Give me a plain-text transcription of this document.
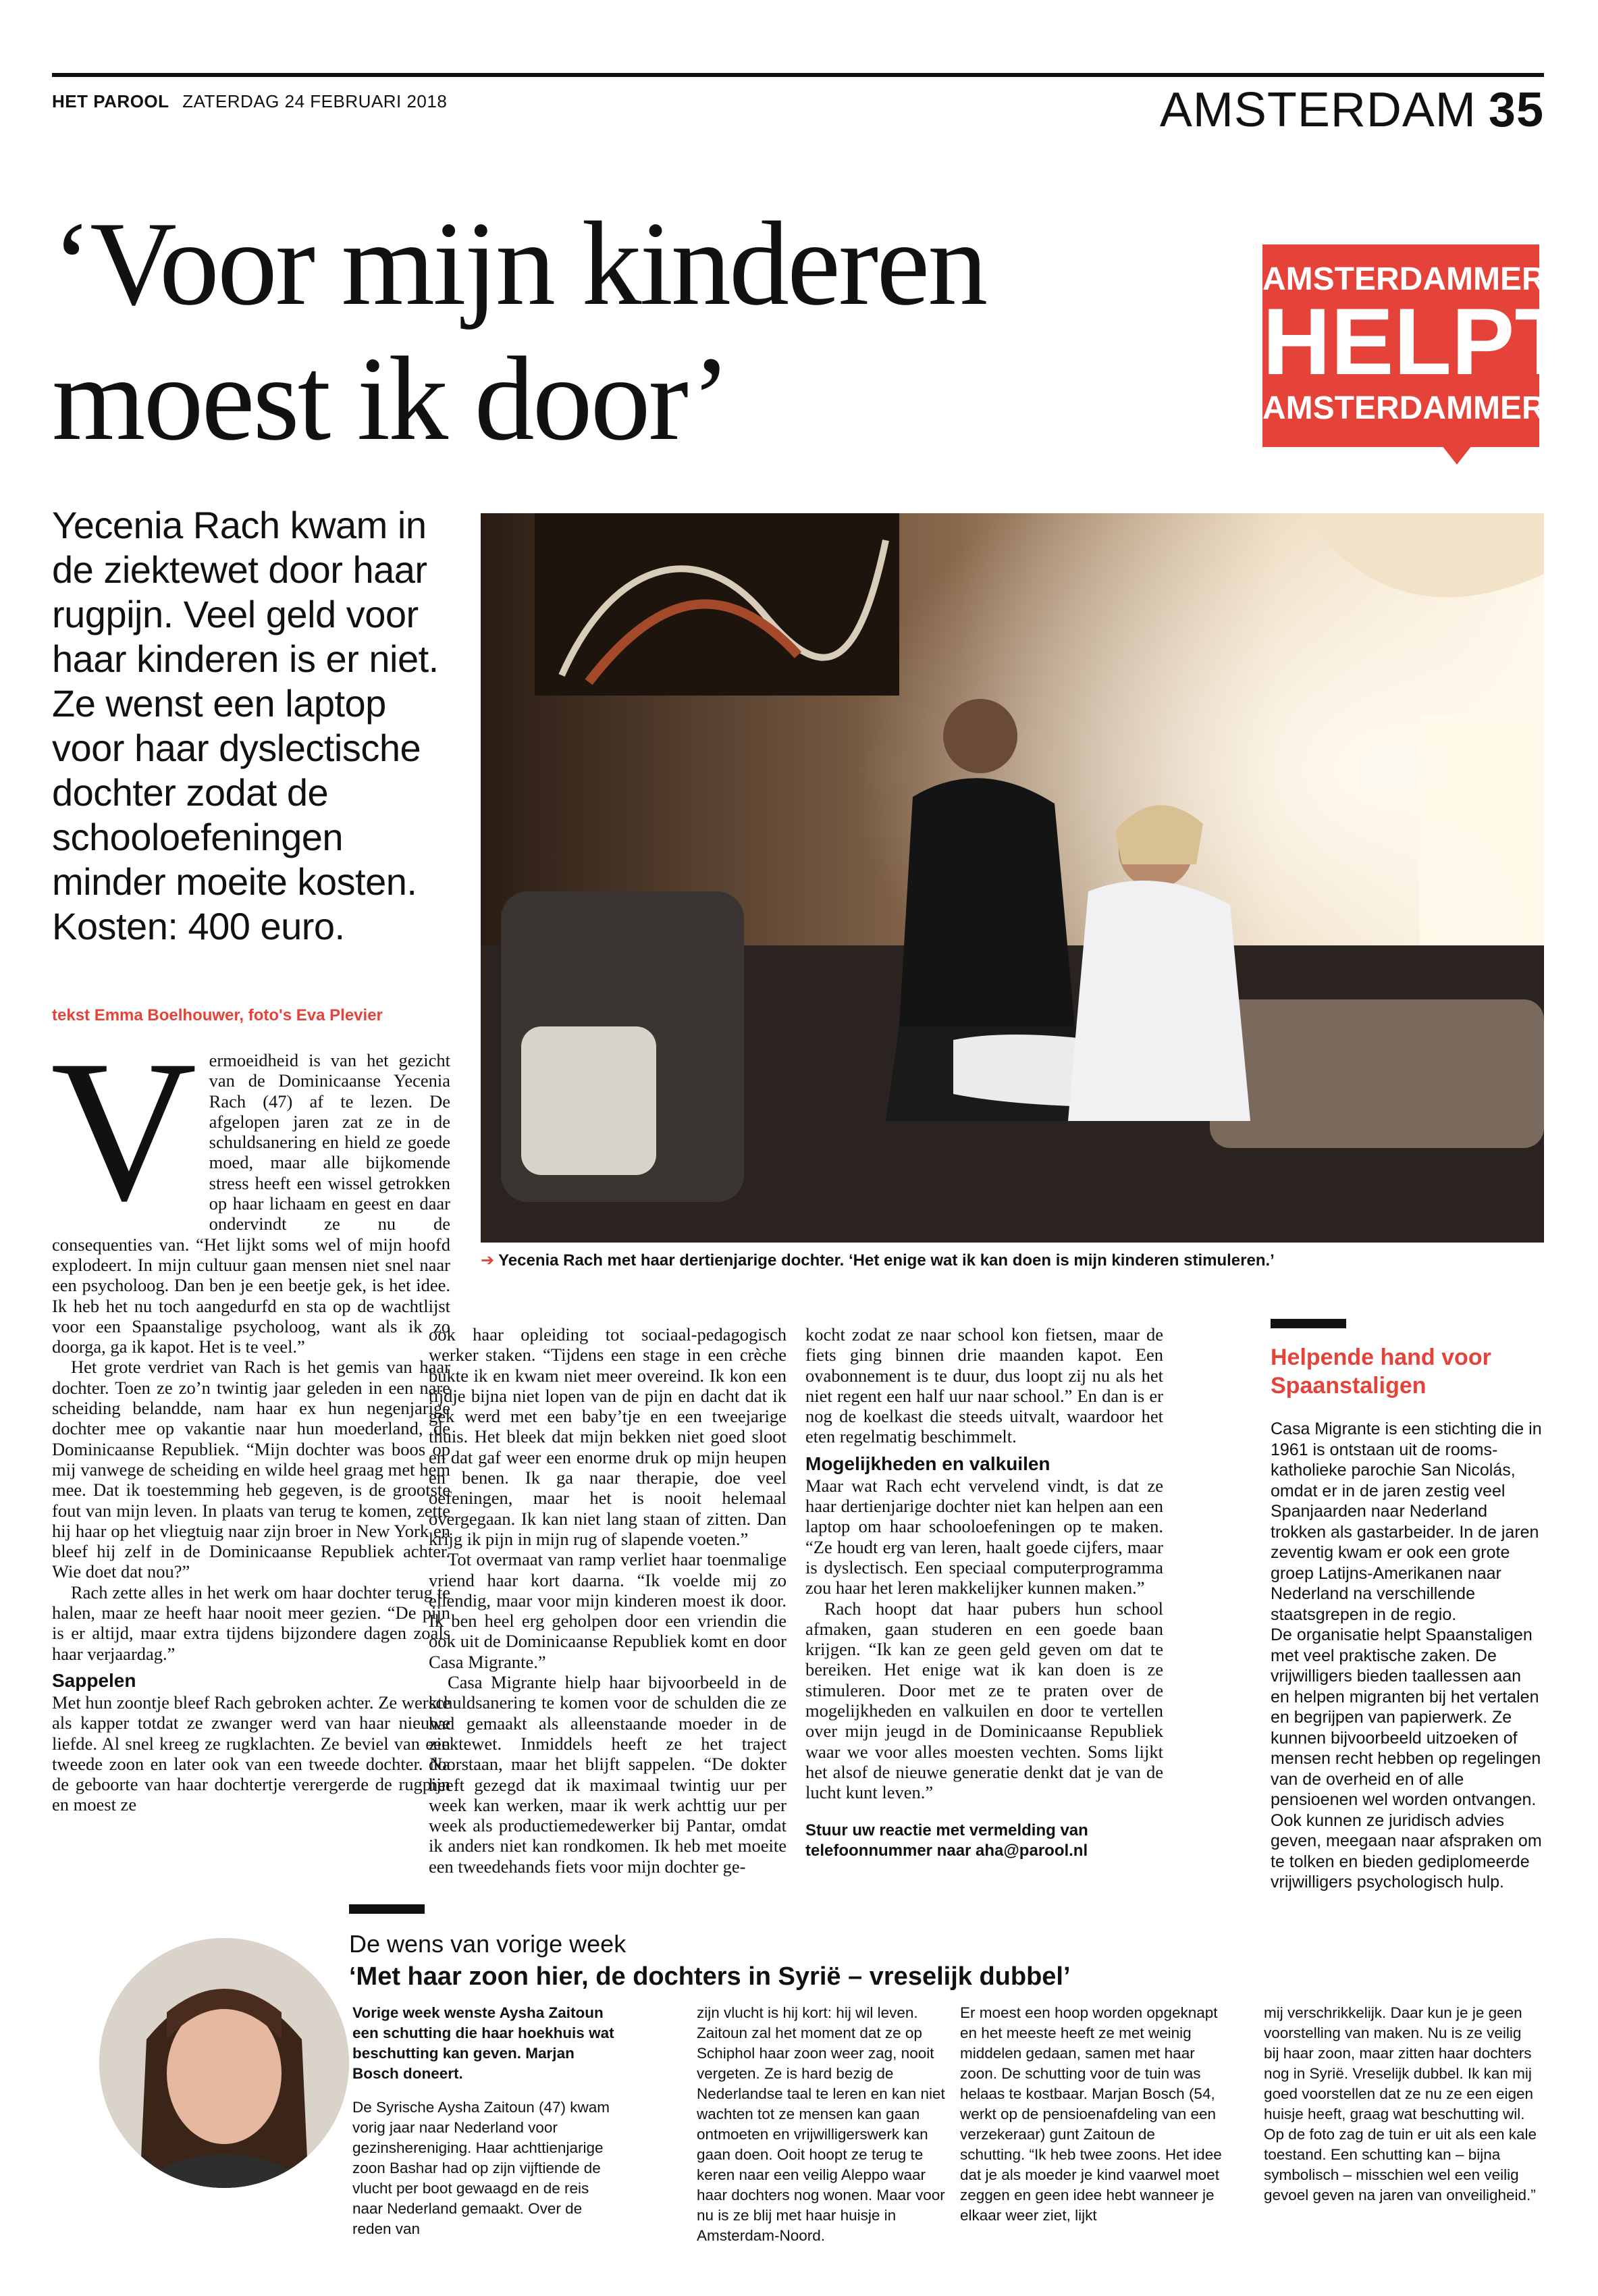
HET PAROOL ZATERDAG 24 FEBRUARI 2018	AMSTERDAM 35
‘Voor mijn kinderen
moest ik door’
AMSTERDAMMER
HELPT
AMSTERDAMMER
Yecenia Rach kwam in de ziektewet door haar rugpijn. Veel geld voor haar kinderen is er niet. Ze wenst een laptop voor haar dyslectische dochter zodat de schooloefeningen minder moeite kosten. Kosten: 400 euro.
tekst Emma Boelhouwer, foto's Eva Plevier
➔ Yecenia Rach met haar dertienjarige dochter. ‘Het enige wat ik kan doen is mijn kinderen stimuleren.’
V ermoeidheid is van het gezicht van de Dominicaanse Yecenia Rach (47) af te lezen. De afgelopen jaren zat ze in de schuldsanering en hield ze goede moed, maar alle bijkomende stress heeft een wissel getrokken op haar lichaam en geest en daar ondervindt ze nu de consequenties van. “Het lijkt soms wel of mijn hoofd explodeert. In mijn cultuur gaan mensen niet snel naar een psycholoog. Dan ben je een beetje gek, is het idee. Ik heb het nu toch aangedurfd en sta op de wachtlijst voor een Spaanstalige psycholoog, want als ik zo doorga, ga ik kapot. Het is te veel.”

Het grote verdriet van Rach is het gemis van haar dochter. Toen ze zo’n twintig jaar geleden in een nare scheiding belandde, nam haar ex hun negenjarige dochter mee op vakantie naar hun moederland, de Dominicaanse Republiek. “Mijn dochter was boos op mij vanwege de scheiding en wilde heel graag met hem mee. Dat ik toestemming heb gegeven, is de grootste fout van mijn leven. In plaats van terug te komen, zette hij haar op het vliegtuig naar zijn broer in New York en bleef hij zelf in de Dominicaanse Republiek achter. Wie doet dat nou?”

Rach zette alles in het werk om haar dochter terug te halen, maar ze heeft haar nooit meer gezien. “De pijn is er altijd, maar extra tijdens bijzondere dagen zoals haar verjaardag.”

Sappelen

Met hun zoontje bleef Rach gebroken achter. Ze werkte als kapper totdat ze zwanger werd van haar nieuwe liefde. Al snel kreeg ze rugklachten. Ze beviel van een tweede zoon en later ook van een tweede dochter. Na de geboorte van haar dochtertje verergerde de rugpijn en moest ze

ook haar opleiding tot sociaal-pedagogisch werker staken. “Tijdens een stage in een crèche bukte ik en kwam niet meer overeind. Ik kon een tijdje bijna niet lopen van de pijn en dacht dat ik gek werd met een baby’tje en een tweejarige thuis. Het bleek dat mijn bekken niet goed sloot en dat gaf weer een enorme druk op mijn heupen en benen. Ik ga naar therapie, doe veel oefeningen, maar het is nooit helemaal overgegaan. Ik kan niet lang staan of zitten. Dan krijg ik pijn in mijn rug of slapende voeten.”

Tot overmaat van ramp verliet haar toenmalige vriend haar kort daarna. “Ik voelde mij zo ellendig, maar voor mijn kinderen moest ik door. Ik ben heel erg geholpen door een vriendin die ook uit de Dominicaanse Republiek komt en door Casa Migrante.”

Casa Migrante hielp haar bijvoorbeeld in de schuldsanering te komen voor de schulden die ze had gemaakt als alleenstaande moeder in de ziektewet. Inmiddels heeft ze het traject doorstaan, maar het blijft sappelen. “De dokter heeft gezegd dat ik maximaal twintig uur per week kan werken, maar ik werk achttig uur per week als productiemedewerker bij Pantar, omdat ik anders niet kan rondkomen. Ik heb met moeite een tweedehands fiets voor mijn dochter ge-

kocht zodat ze naar school kon fietsen, maar de fiets ging binnen drie maanden kapot. Een ovabonnement is te duur, dus loopt zij nu als het niet regent een half uur naar school.” En dan is er nog de koelkast die steeds uitvalt, waardoor het eten regelmatig beschimmelt.

Mogelijkheden en valkuilen

Maar wat Rach echt vervelend vindt, is dat ze haar dertienjarige dochter niet kan helpen aan een laptop om haar schooloefeningen op te maken. “Ze houdt erg van leren, haalt goede cijfers, maar is dyslectisch. Een speciaal computerprogramma zou haar het leren makkelijker kunnen maken.”

Rach hoopt dat haar pubers hun school afmaken, gaan studeren en een goede baan krijgen. “Ik kan ze geen geld geven om dat te bereiken. Het enige wat ik kan doen is ze stimuleren. Door met ze te praten over de mogelijkheden en valkuilen en door te vertellen over mijn jeugd in de Dominicaanse Republiek waar we voor alles moesten vechten. Soms lijkt het alsof de nieuwe generatie denkt dat je van de lucht kunt leven.”

Stuur uw reactie met vermelding van telefoonnummer naar aha@parool.nl

Helpende hand voor Spaanstaligen

Casa Migrante is een stichting die in 1961 is ontstaan uit de rooms-katholieke parochie San Nicolás, omdat er in de jaren zestig veel Spanjaarden naar Nederland trokken als gastarbeider. In de jaren zeventig kwam er ook een grote groep Latijns-Amerikanen naar Nederland na verschillende staatsgrepen in de regio.

De organisatie helpt Spaanstaligen met veel praktische zaken. De vrijwilligers bieden taallessen aan en helpen migranten bij het vertalen en begrijpen van papierwerk. Ze kunnen bijvoorbeeld uitzoeken of mensen recht hebben op regelingen van de overheid en of alle pensioenen wel worden ontvangen. Ook kunnen ze juridisch advies geven, meegaan naar afspraken om te tolken en bieden gediplomeerde vrijwilligers psychologisch hulp.

De wens van vorige week
‘Met haar zoon hier, de dochters in Syrië – vreselijk dubbel’

Vorige week wenste Aysha Zaitoun een schutting die haar hoekhuis wat beschutting kan geven. Marjan Bosch doneert.

De Syrische Aysha Zaitoun (47) kwam vorig jaar naar Nederland voor gezinshereniging. Haar achttienjarige zoon Bashar had op zijn vijftiende de vlucht per boot gewaagd en de reis naar Nederland gemaakt. Over de reden van

zijn vlucht is hij kort: hij wil leven. Zaitoun zal het moment dat ze op Schiphol haar zoon weer zag, nooit vergeten. Ze is hard bezig de Nederlandse taal te leren en kan niet wachten tot ze mensen kan gaan ontmoeten en vrijwilligerswerk kan gaan doen. Ooit hoopt ze terug te keren naar een veilig Aleppo waar haar dochters nog wonen. Maar voor nu is ze blij met haar huisje in Amsterdam-Noord.

Er moest een hoop worden opgeknapt en het meeste heeft ze met weinig middelen gedaan, samen met haar zoon. De schutting voor de tuin was helaas te kostbaar. Marjan Bosch (54, werkt op de pensioenafdeling van een verzekeraar) gunt Zaitoun de schutting. “Ik heb twee zoons. Het idee dat je als moeder je kind vaarwel moet zeggen en geen idee hebt wanneer je elkaar weer ziet, lijkt

mij verschrikkelijk. Daar kun je je geen voorstelling van maken. Nu is ze veilig bij haar zoon, maar zitten haar dochters nog in Syrië. Vreselijk dubbel. Ik kan mij goed voorstellen dat ze nu ze een eigen huisje heeft, graag wat beschutting wil. Op de foto zag de tuin er uit als een kale toestand. Een schutting kan – bijna symbolisch – misschien wel een veilig gevoel geven na jaren van onveiligheid.”
